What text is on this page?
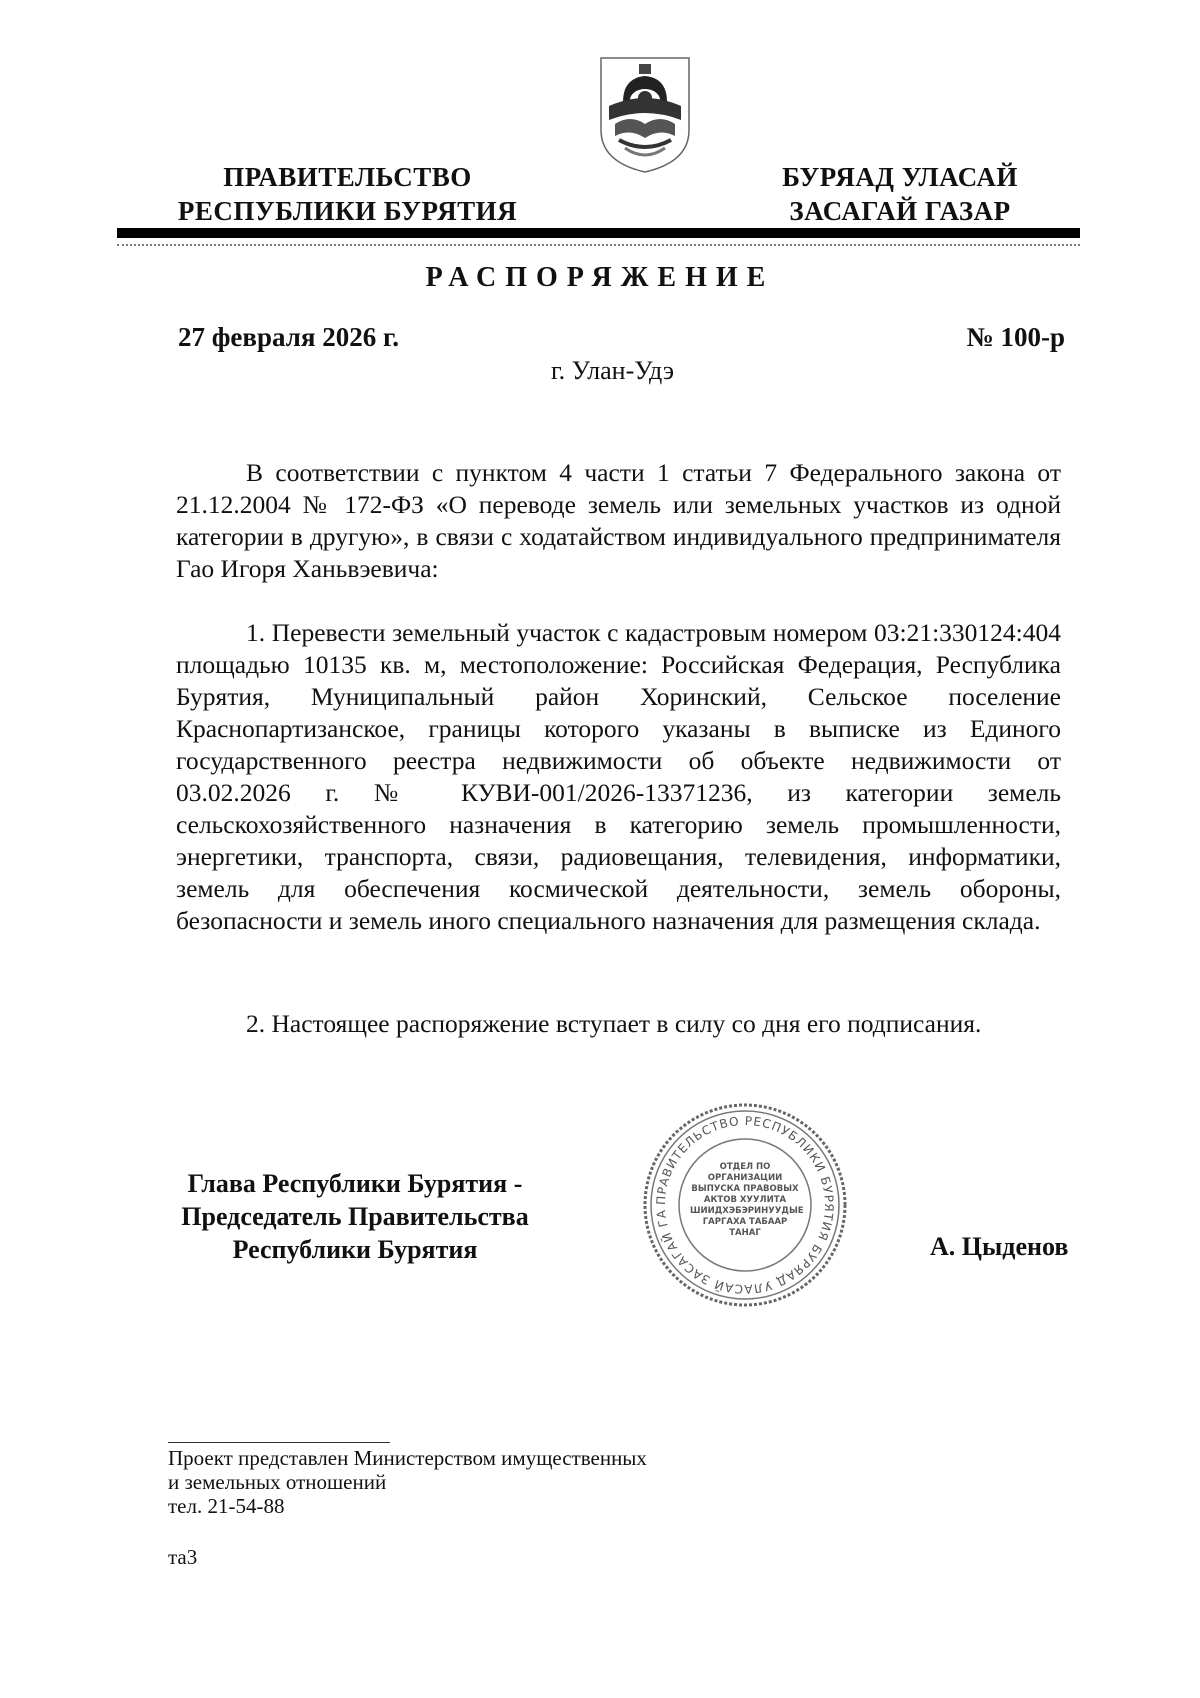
ПРАВИТЕЛЬСТВО
РЕСПУБЛИКИ БУРЯТИЯ
БУРЯАД УЛАСАЙ
ЗАСАГАЙ ГАЗАР
РАСПОРЯЖЕНИЕ
27 февраля 2026 г.	№ 100-р
г. Улан-Удэ

В соответствии с пунктом 4 части 1 статьи 7 Федерального закона от 21.12.2004 № 172-ФЗ «О переводе земель или земельных участков из одной категории в другую», в связи с ходатайством индивидуального предпринимателя Гао Игоря Ханьвэевича:

1. Перевести земельный участок с кадастровым номером 03:21:330124:404 площадью 10135 кв. м, местоположение: Российская Федерация, Республика Бурятия, Муниципальный район Хоринский, Сельское поселение Краснопартизанское, границы которого указаны в выписке из Единого государственного реестра недвижимости об объекте недвижимости от 03.02.2026 г. № КУВИ-001/2026-13371236, из категории земель сельскохозяйственного назначения в категорию земель промышленности, энергетики, транспорта, связи, радиовещания, телевидения, информатики, земель для обеспечения космической деятельности, земель обороны, безопасности и земель иного специального назначения для размещения склада.

2. Настоящее распоряжение вступает в силу со дня его подписания.

Глава Республики Бурятия -
Председатель Правительства
Республики Бурятия
ПРАВИТЕЛЬСТВО РЕСПУБЛИКИ БУРЯТИЯ БУРЯАД УЛАСАЙ ЗАСАГАЙ ГА
ОТДЕЛ ПО ОРГАНИЗАЦИИ ВЫПУСКА ПРАВОВЫХ АКТОВ ХУУЛИТА ШИИДХЭБЭРИНУУДЫЕ ГАРГАХА ТАБААР ТАНАГ	А. Цыденов
Проект представлен Министерством имущественных
и земельных отношений
тел. 21-54-88
та3
